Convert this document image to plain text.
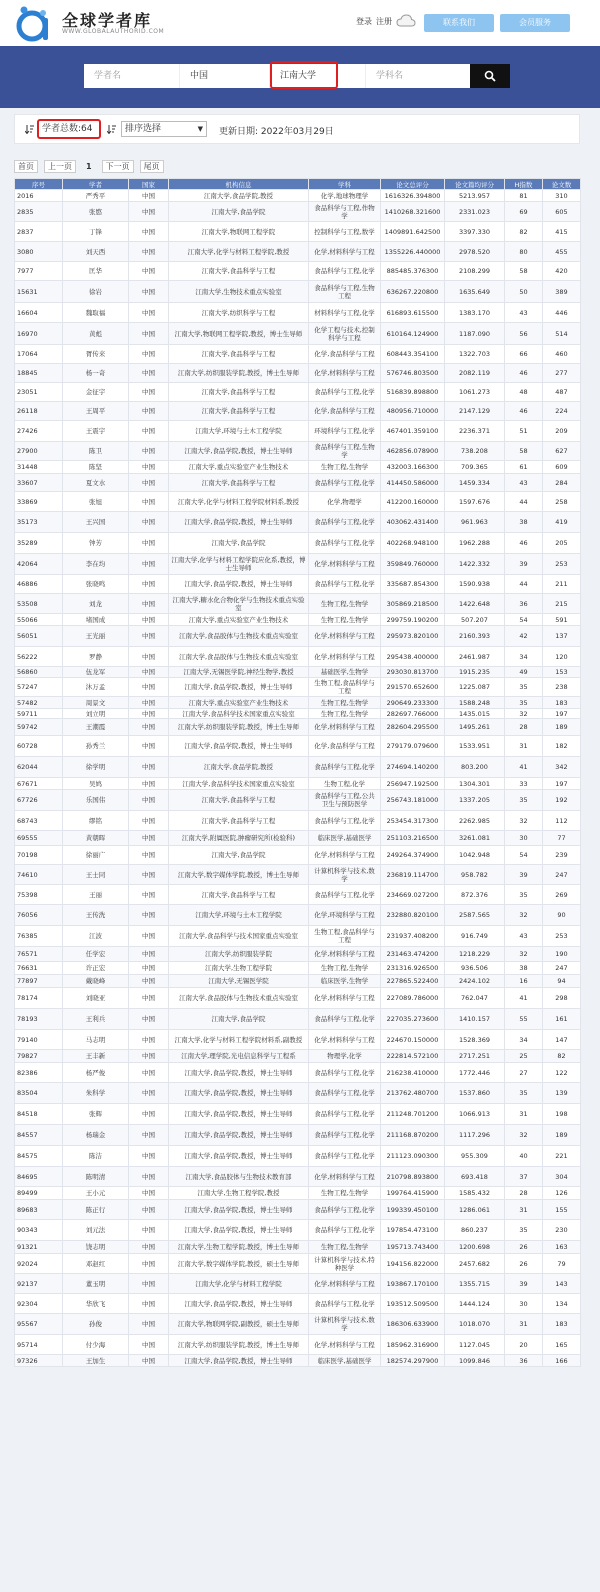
全球学者库
WWW.GLOBALAUTHORID.COM
登录 注册	联系我们	会员服务
学者名	中国	江南大学	学科名
学者总数:64	排序选择	▼ 更新日期: 2022年03月29日
首页	上一页	1	下一页	尾页
序号	学者	国家	机构信息	学科	论文总评分	论文篇均评分	H指数	论文数
2016	严秀平	中国	江南大学,食品学院,教授	化学,地球物理学	1616326.394800	5213.957	81	310
2835	张愍	中国	江南大学,食品学院	食品科学与工程,作物学	1410268.321600	2331.023	69	605
2837	丁锋	中国	江南大学,物联网工程学院	控制科学与工程,数学	1409891.642500	3397.330	82	415
3080	刘天西	中国	江南大学,化学与材料工程学院,教授	化学,材料科学与工程	1355226.440000	2978.520	80	455
7977	匡华	中国	江南大学,食品科学与工程	食品科学与工程,化学	885485.376300	2108.299	58	420
15631	徐岩	中国	江南大学,生物技术重点实验室	食品科学与工程,生物工程	636267.220800	1635.649	50	389
16604	魏取福	中国	江南大学,纺织科学与工程	材料科学与工程,化学	616893.615500	1383.170	43	446
16970	黄彪	中国	江南大学,物联网工程学院,教授，博士生导师	化学工程与技术,控制科学与工程	610164.124900	1187.090	56	514
17064	胥传来	中国	江南大学,食品科学与工程	化学,食品科学与工程	608443.354100	1322.703	66	460
18845	杨一奇	中国	江南大学,纺织服装学院,教授，博士生导师	化学,材料科学与工程	576746.803500	2082.119	46	277
23051	金征宇	中国	江南大学,食品科学与工程	食品科学与工程,化学	516839.898800	1061.273	48	487
26118	王周平	中国	江南大学,食品科学与工程	化学,食品科学与工程	480956.710000	2147.129	46	224
27426	王震宇	中国	江南大学,环境与土木工程学院	环境科学与工程,化学	467401.359100	2236.371	51	209
27900	陈卫	中国	江南大学,食品学院,教授，博士生导师	食品科学与工程,生物学	462856.078900	738.208	58	627
31448	陈坚	中国	江南大学,重点实验室产业生物技术	生物工程,生物学	432003.166300	709.365	61	609
33607	夏文水	中国	江南大学,食品科学与工程	食品科学与工程,化学	414450.586000	1459.334	43	284
33869	张旭	中国	江南大学,化学与材料工程学院材料系,教授	化学,物理学	412200.160000	1597.676	44	258
35173	王兴国	中国	江南大学,食品学院,教授，博士生导师	食品科学与工程,化学	403062.431400	961.963	38	419
35289	钟芳	中国	江南大学,食品学院	食品科学与工程,化学	402268.948100	1962.288	46	205
42064	李在均	中国	江南大学,化学与材料工程学院应化系,教授，博士生导师	化学,材料科学与工程	359849.760000	1422.332	39	253
46886	张晓鸣	中国	江南大学,食品学院,教授，博士生导师	食品科学与工程,化学	335687.854300	1590.938	44	211
53508	刘龙	中国	江南大学,糖水化合物化学与生物技术重点实验室	生物工程,生物学	305869.218500	1422.648	36	215
55066	堵国成	中国	江南大学,重点实验室产业生物技术	生物工程,生物学	299759.190200	507.207	54	591
56051	王光丽	中国	江南大学,食品胶体与生物技术重点实验室	化学,材料科学与工程	295973.820100	2160.393	42	137
56222	罗静	中国	江南大学,食品胶体与生物技术重点实验室	化学,材料科学与工程	295438.400000	2461.987	34	120
56860	伍龙军	中国	江南大学,无锡医学院,神经生物学,教授	基础医学,生物学	293030.813700	1915.235	49	153
57247	沐万孟	中国	江南大学,食品学院,教授，博士生导师	生物工程,食品科学与工程	291570.652600	1225.087	35	238
57482	周景文	中国	江南大学,重点实验室产业生物技术	生物工程,生物学	290649.233300	1588.248	35	183
59711	刘立明	中国	江南大学,食品科学技术国家重点实验室	生物工程,生物学	282697.766000	1435.015	32	197
59742	王潮霞	中国	江南大学,纺织服装学院,教授，博士生导师	化学,材料科学与工程	282604.295500	1495.261	28	189
60728	孙秀兰	中国	江南大学,食品学院,教授，博士生导师	化学,食品科学与工程	279179.079600	1533.951	31	182
62044	徐学明	中国	江南大学,食品学院,教授	食品科学与工程,化学	274694.140200	803.200	41	342
67671	吴鸠	中国	江南大学,食品科学技术国家重点实验室	生物工程,化学	256947.192500	1304.301	33	197
67726	乐国伟	中国	江南大学,食品科学与工程	食品科学与工程,公共卫生与预防医学	256743.181000	1337.205	35	192
68743	缪铭	中国	江南大学,食品科学与工程	食品科学与工程,化学	253454.317300	2262.985	32	112
69555	黄朝晖	中国	江南大学,附属医院,肿瘤研究所(检验科)	临床医学,基础医学	251103.216500	3261.081	30	77
70198	徐丽广	中国	江南大学,食品学院	化学,材料科学与工程	249264.374900	1042.948	54	239
74610	王士同	中国	江南大学,数字媒体学院,教授，博士生导师	计算机科学与技术,数学	236819.114700	958.782	39	247
75398	王丽	中国	江南大学,食品科学与工程	食品科学与工程,化学	234669.027200	872.376	35	269
76056	王传洗	中国	江南大学,环境与土木工程学院	化学,环境科学与工程	232880.820100	2587.565	32	90
76385	江波	中国	江南大学,食品科学与技术国家重点实验室	生物工程,食品科学与工程	231937.408200	916.749	43	253
76571	任学宏	中国	江南大学,纺织服装学院	化学,材料科学与工程	231463.474200	1218.229	32	190
76631	许正宏	中国	江南大学,生物工程学院	生物工程,生物学	231316.926500	936.506	38	247
77897	戴晓峰	中国	江南大学,无锡医学院	临床医学,生物学	227865.522400	2424.102	16	94
78174	刘晓亚	中国	江南大学,食品胶体与生物技术重点实验室	化学,材料科学与工程	227089.786000	762.047	41	298
78193	王利兵	中国	江南大学,食品学院	食品科学与工程,化学	227035.273600	1410.157	55	161
79140	马志明	中国	江南大学,化学与材料工程学院材料系,副教授	化学,材料科学与工程	224670.150000	1528.369	34	147
79827	王丰新	中国	江南大学,理学院,光电信息科学与工程系	物理学,化学	222814.572100	2717.251	25	82
82386	杨严俊	中国	江南大学,食品学院,教授，博士生导师	食品科学与工程,化学	216238.410000	1772.446	27	122
83504	朱科学	中国	江南大学,食品学院,教授，博士生导师	食品科学与工程,化学	213762.480700	1537.860	35	139
84518	张辉	中国	江南大学,食品学院,教授，博士生导师	食品科学与工程,化学	211248.701200	1066.913	31	198
84557	杨瑞金	中国	江南大学,食品学院,教授，博士生导师	食品科学与工程,化学	211168.870200	1117.296	32	189
84575	陈洁	中国	江南大学,食品学院,教授，博士生导师	食品科学与工程,化学	211123.090300	955.309	40	221
84695	陈明清	中国	江南大学,食品胶体与生物技术教育部	化学,材料科学与工程	210798.893800	693.418	37	304
89499	王小元	中国	江南大学,生物工程学院,教授	生物工程,生物学	199764.415900	1585.432	28	126
89683	陈正行	中国	江南大学,食品学院,教授，博士生导师	食品科学与工程,化学	199339.450100	1286.061	31	155
90343	刘元法	中国	江南大学,食品学院,教授，博士生导师	食品科学与工程,化学	197854.473100	860.237	35	230
91321	饶志明	中国	江南大学,生物工程学院,教授，博士生导师	生物工程,生物学	195713.743400	1200.698	26	163
92024	邓赵红	中国	江南大学,数字媒体学院,教授，硕士生导师	计算机科学与技术,特种医学	194156.822000	2457.682	26	79
92137	董玉明	中国	江南大学,化学与材料工程学院	化学,材料科学与工程	193867.170100	1355.715	39	143
92304	华欣飞	中国	江南大学,食品学院,教授，博士生导师	食品科学与工程,化学	193512.509500	1444.124	30	134
95567	孙俊	中国	江南大学,物联网学院,副教授，硕士生导师	计算机科学与技术,数学	186306.633900	1018.070	31	183
95714	付少海	中国	江南大学,纺织服装学院,教授，博士生导师	化学,材料科学与工程	185962.316900	1127.045	20	165
97326	王加生	中国	江南大学,食品学院,教授，博士生导师	临床医学,基础医学	182574.297900	1099.846	36	166
